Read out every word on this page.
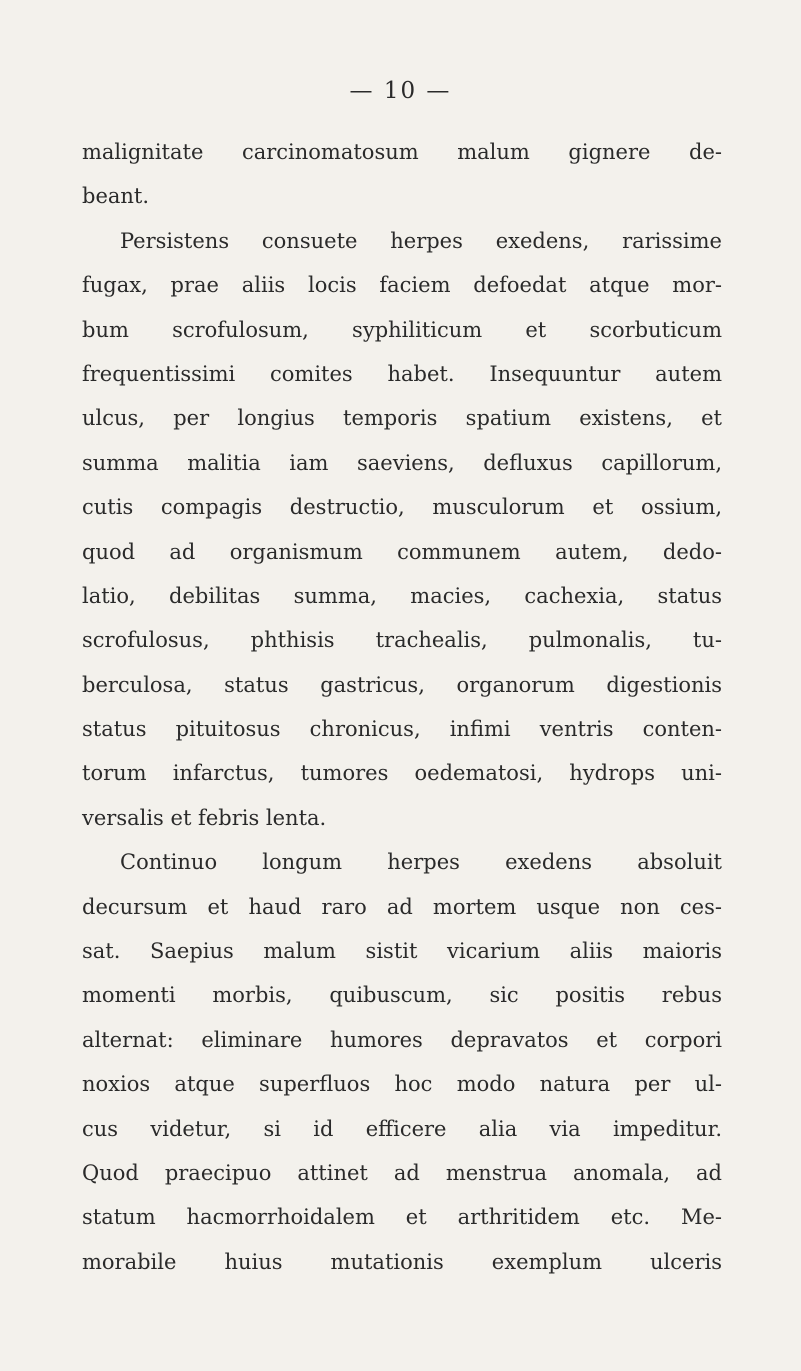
— 10 —
malignitate carcinomatosum malum gignere de-
beant.
Persistens consuete herpes exedens, rarissime
fugax, prae aliis locis faciem defoedat atque mor-
bum scrofulosum, syphiliticum et scorbuticum
frequentissimi comites habet. Insequuntur autem
ulcus, per longius temporis spatium existens, et
summa malitia iam saeviens, defluxus capillorum,
cutis compagis destructio, musculorum et ossium,
quod ad organismum communem autem, dedo-
latio, debilitas summa, macies, cachexia, status
scrofulosus, phthisis trachealis, pulmonalis, tu-
berculosa, status gastricus, organorum digestionis
status pituitosus chronicus, infimi ventris conten-
torum infarctus, tumores oedematosi, hydrops uni-
versalis et febris lenta.
Continuo longum herpes exedens absoluit
decursum et haud raro ad mortem usque non ces-
sat. Saepius malum sistit vicarium aliis maioris
momenti morbis, quibuscum, sic positis rebus
alternat: eliminare humores depravatos et corpori
noxios atque superfluos hoc modo natura per ul-
cus videtur, si id efficere alia via impeditur.
Quod praecipuo attinet ad menstrua anomala, ad
statum hacmorrhoidalem et arthritidem etc. Me-
morabile huius mutationis exemplum ulceris
